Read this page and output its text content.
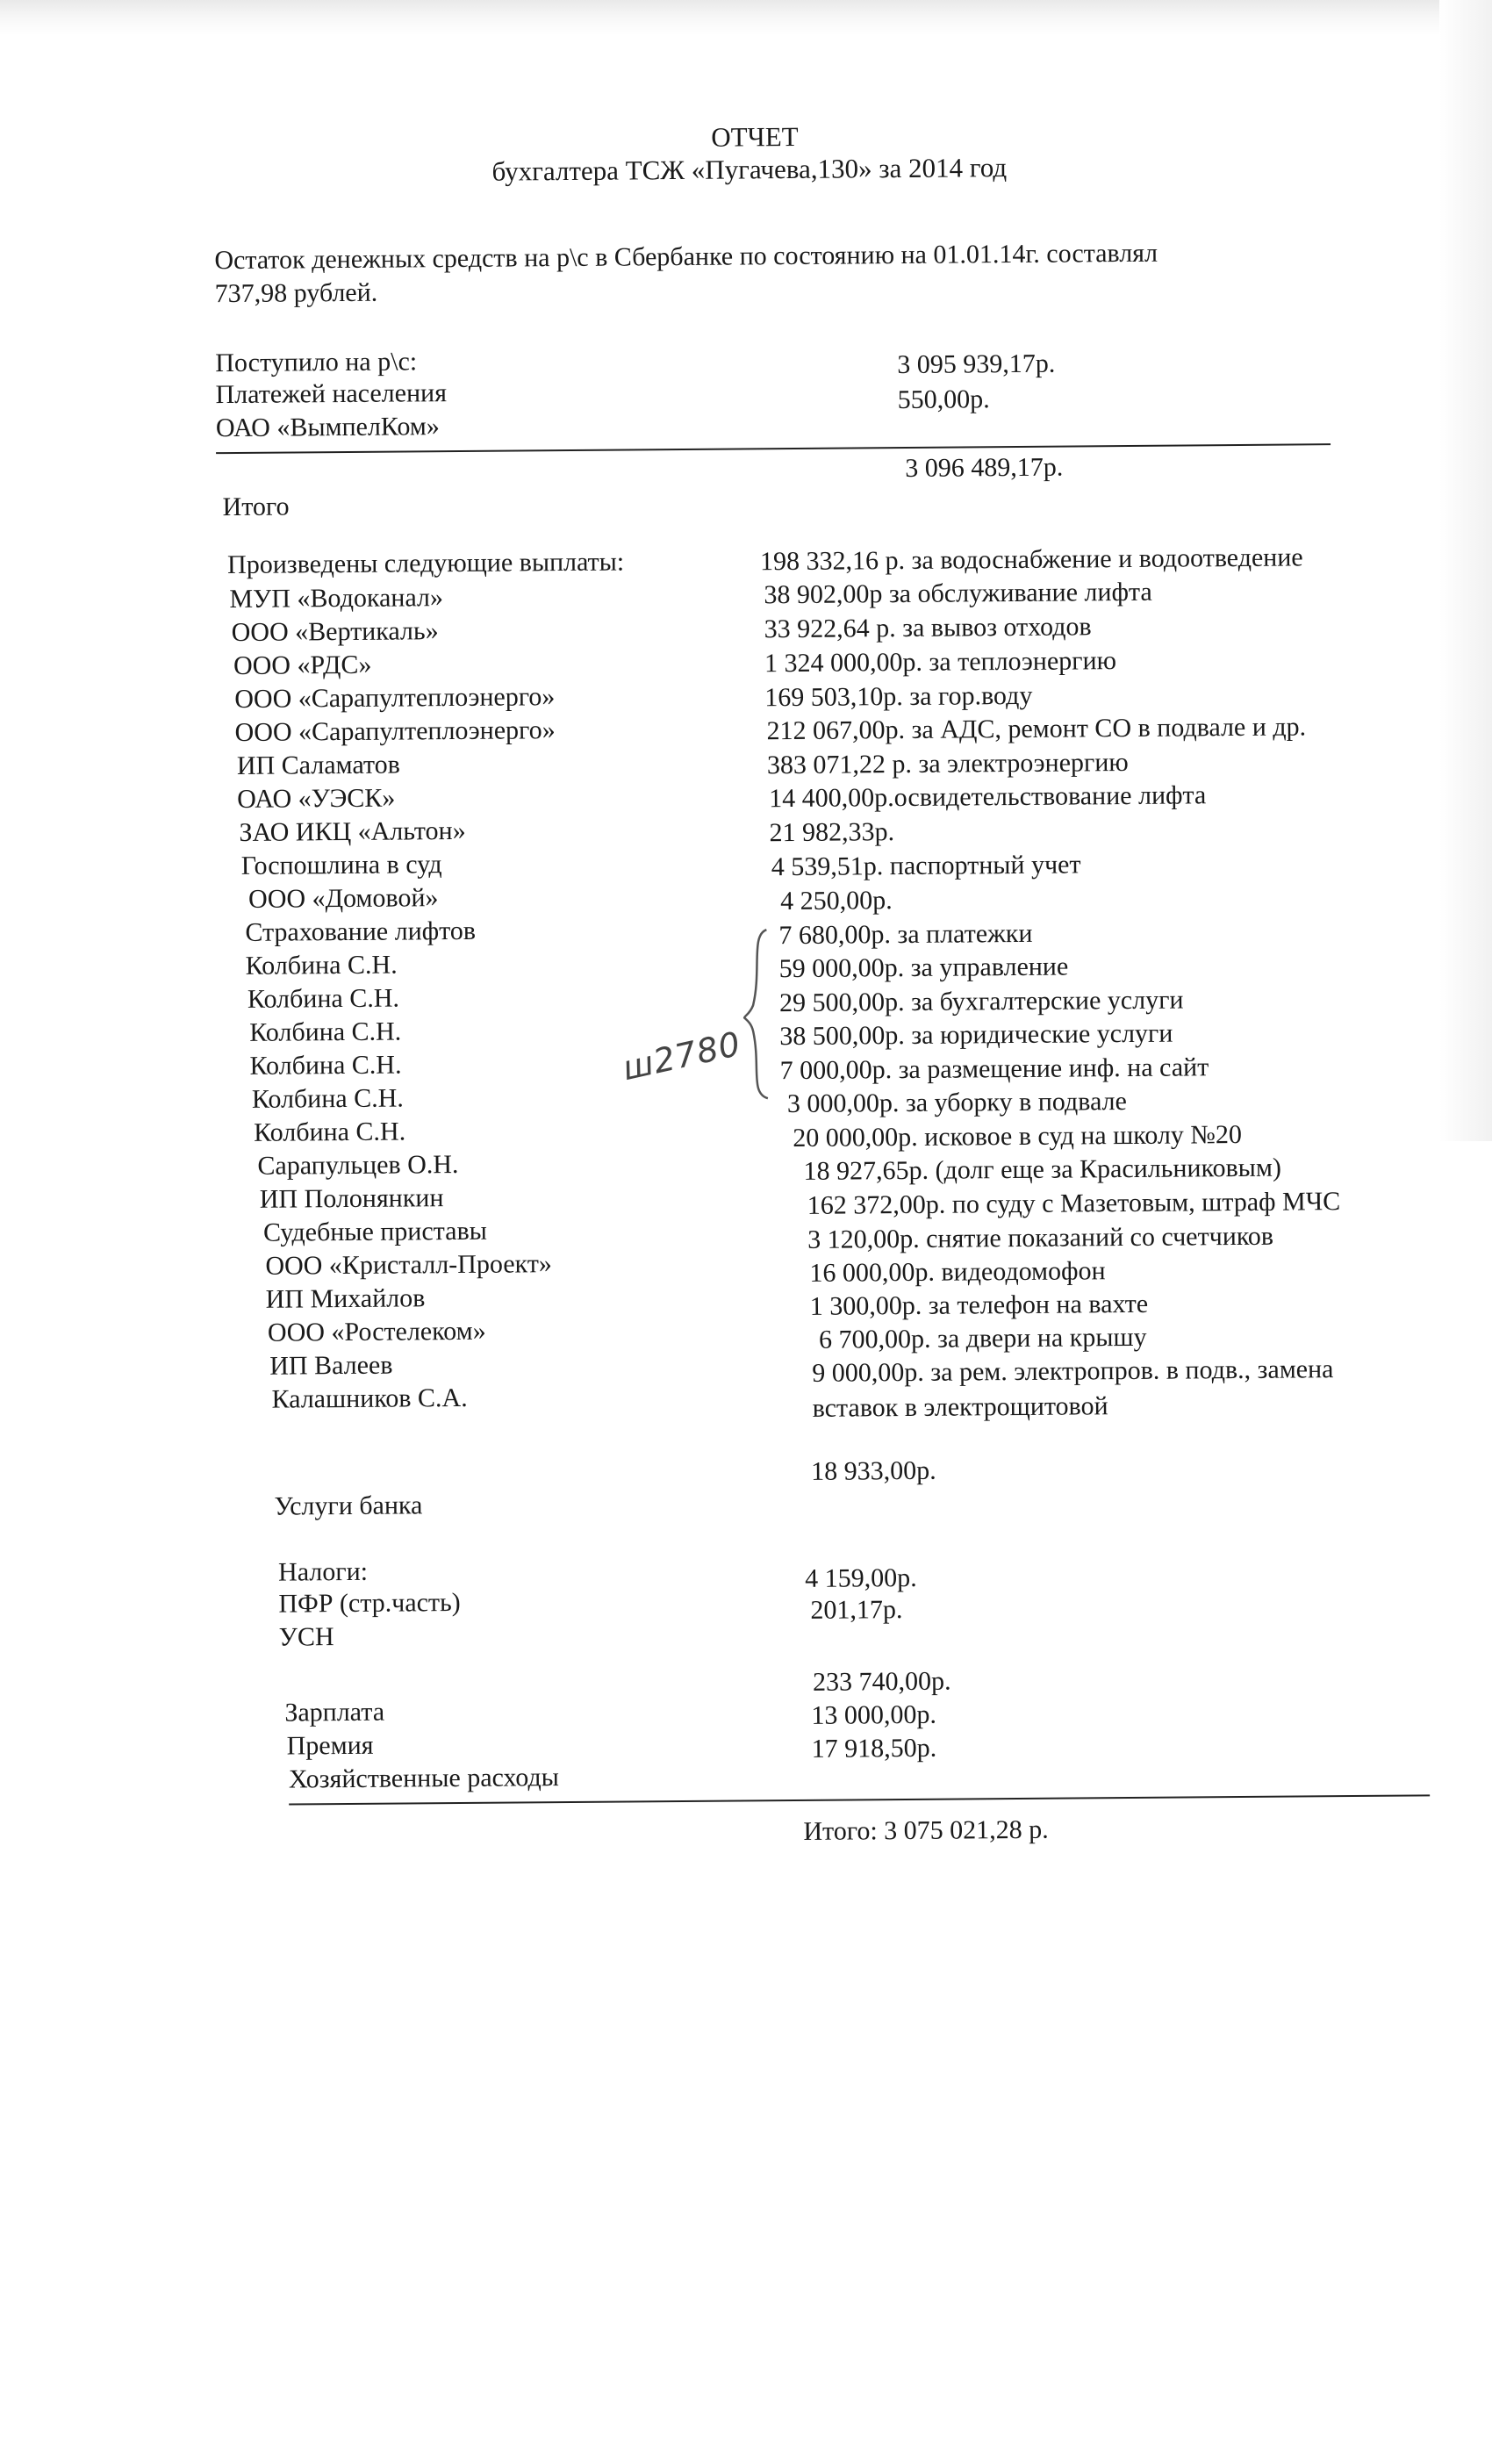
ОТЧЕТ
бухгалтера ТСЖ «Пугачева,130» за 2014 год
Остаток денежных средств на р\с в Сбербанке по состоянию на 01.01.14г. составлял
737,98 рублей.
Поступило на р\с:
Платежей населения
3 095 939,17р.
ОАО «ВымпелКом»
550,00р.
3 096 489,17р.
Итого
Произведены следующие выплаты:
МУП «Водоканал»
198 332,16 р. за водоснабжение и водоотведение
ООО «Вертикаль»
38 902,00р за обслуживание лифта
ООО «РДС»
33 922,64 р. за вывоз отходов
ООО «Сарапултеплоэнерго»
1 324 000,00р. за теплоэнергию
ООО «Сарапултеплоэнерго»
169 503,10р. за гор.воду
ИП Саламатов
212 067,00р. за АДС, ремонт СО в подвале и др.
ОАО «УЭСК»
383 071,22 р. за электроэнергию
ЗАО ИКЦ «Альтон»
14 400,00р.освидетельствование лифта
Госпошлина в суд
21 982,33р.
ООО «Домовой»
4 539,51р. паспортный учет
Страхование лифтов
4 250,00р.
Колбина С.Н.
7 680,00р. за платежки
Колбина С.Н.
59 000,00р. за управление
Колбина С.Н.
29 500,00р. за бухгалтерские услуги
Колбина С.Н.
38 500,00р. за юридические услуги
Колбина С.Н.
7 000,00р. за размещение инф. на сайт
Колбина С.Н.
3 000,00р. за уборку в подвале
Сарапульцев О.Н.
20 000,00р. исковое в суд на школу №20
ИП Полонянкин
18 927,65р. (долг еще за Красильниковым)
Судебные приставы
162 372,00р. по суду с Мазетовым, штраф МЧС
ООО «Кристалл-Проект»
3 120,00р. снятие показаний со счетчиков
ИП Михайлов
16 000,00р. видеодомофон
ООО «Ростелеком»
1 300,00р. за телефон на вахте
ИП Валеев
6 700,00р. за двери на крышу
Калашников С.А.
9 000,00р. за рем. электропров. в подв., замена
вставок в электрощитовой
ш2780
18 933,00р.
Услуги банка
Налоги:
ПФР (стр.часть)
4 159,00р.
УСН
201,17р.
233 740,00р.
Зарплата	13 000,00р.
Премия	17 918,50р.
Хозяйственные расходы
Итого: 3 075 021,28 р.
